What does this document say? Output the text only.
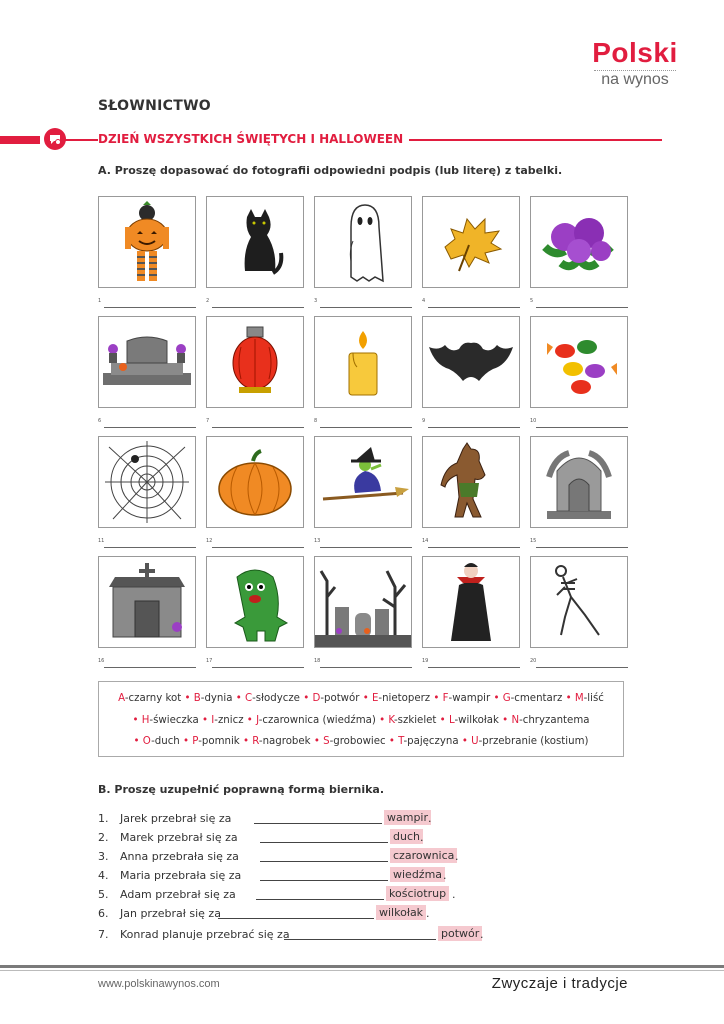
Polski
na wynos
SŁOWNICTWO
DZIEŃ WSZYSTKICH ŚWIĘTYCH I HALLOWEEN
A. Proszę dopasować do fotografii odpowiedni podpis (lub literę) z tabelki.
1	2	3	4	5
6	7	8	9	10
11	12	13	14	15
16	17	18	19	20
A-czarny kot • B-dynia • C-słodycze • D-potwór • E-nietoperz • F-wampir • G-cmentarz • M-liść
• H-świeczka • I-znicz • J-czarownica (wiedźma) • K-szkielet • L-wilkołak • N-chryzantema
• O-duch • P-pomnik • R-nagrobek • S-grobowiec • T-pajęczyna • U-przebranie (kostium)
B. Proszę uzupełnić poprawną formą biernika.
1. Jarek przebrał się za	wampir .
2. Marek przebrał się za	duch .
3. Anna przebrała się za	czarownica .
4. Maria przebrała się za	wiedźma .
5. Adam przebrał się za	kościotrup .
6. Jan przebrał się za	wilkołak .
7. Konrad planuje przebrać się za	potwór .
www.polskinawynos.com	Zwyczaje i tradycje
